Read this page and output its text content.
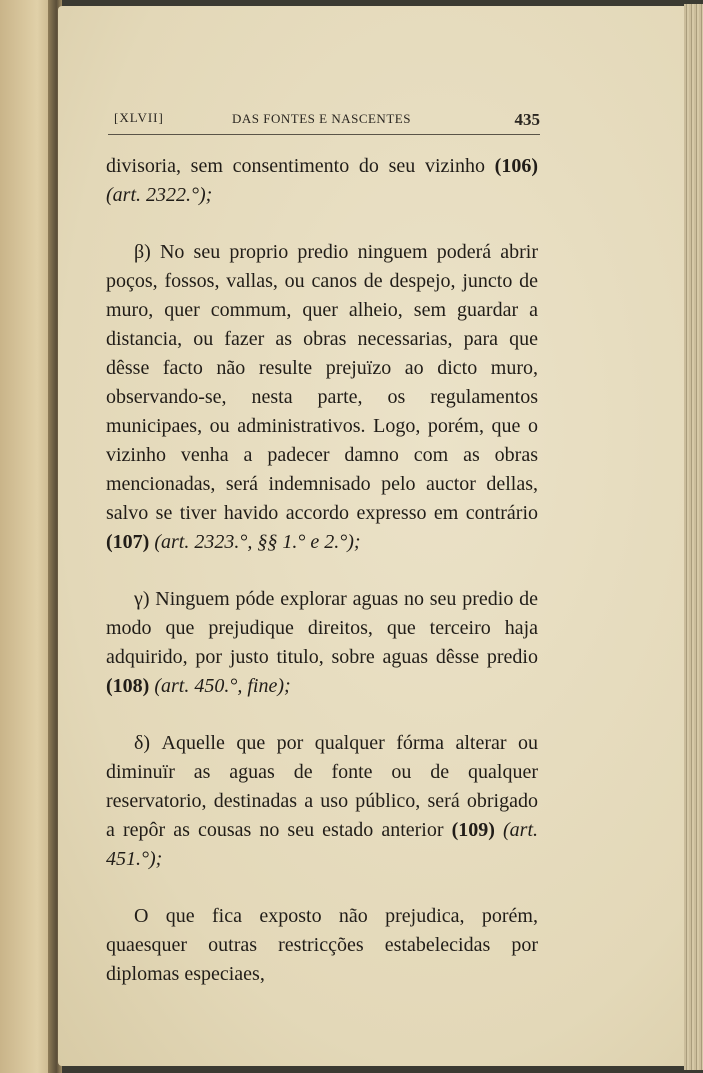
[XLVII]	DAS FONTES E NASCENTES	435

divisoria, sem consentimento do seu vizinho (106) (art. 2322.°);

β) No seu proprio predio ninguem poderá abrir poços, fossos, vallas, ou canos de despejo, juncto de muro, quer commum, quer alheio, sem guardar a distancia, ou fazer as obras necessarias, para que dêsse facto não resulte prejuïzo ao dicto muro, observando-se, nesta parte, os regulamentos municipaes, ou administrativos. Logo, porém, que o vizinho venha a padecer damno com as obras mencionadas, será indemnisado pelo auctor dellas, salvo se tiver havido accordo expresso em contrário (107) (art. 2323.°, §§ 1.° e 2.°);

γ) Ninguem póde explorar aguas no seu predio de modo que prejudique direitos, que terceiro haja adquirido, por justo titulo, sobre aguas dêsse predio (108) (art. 450.°, fine);

δ) Aquelle que por qualquer fórma alterar ou diminuïr as aguas de fonte ou de qualquer reservatorio, destinadas a uso público, será obrigado a repôr as cousas no seu estado anterior (109) (art. 451.°);

O que fica exposto não prejudica, porém, quaesquer outras restricções estabelecidas por diplomas especiaes,
